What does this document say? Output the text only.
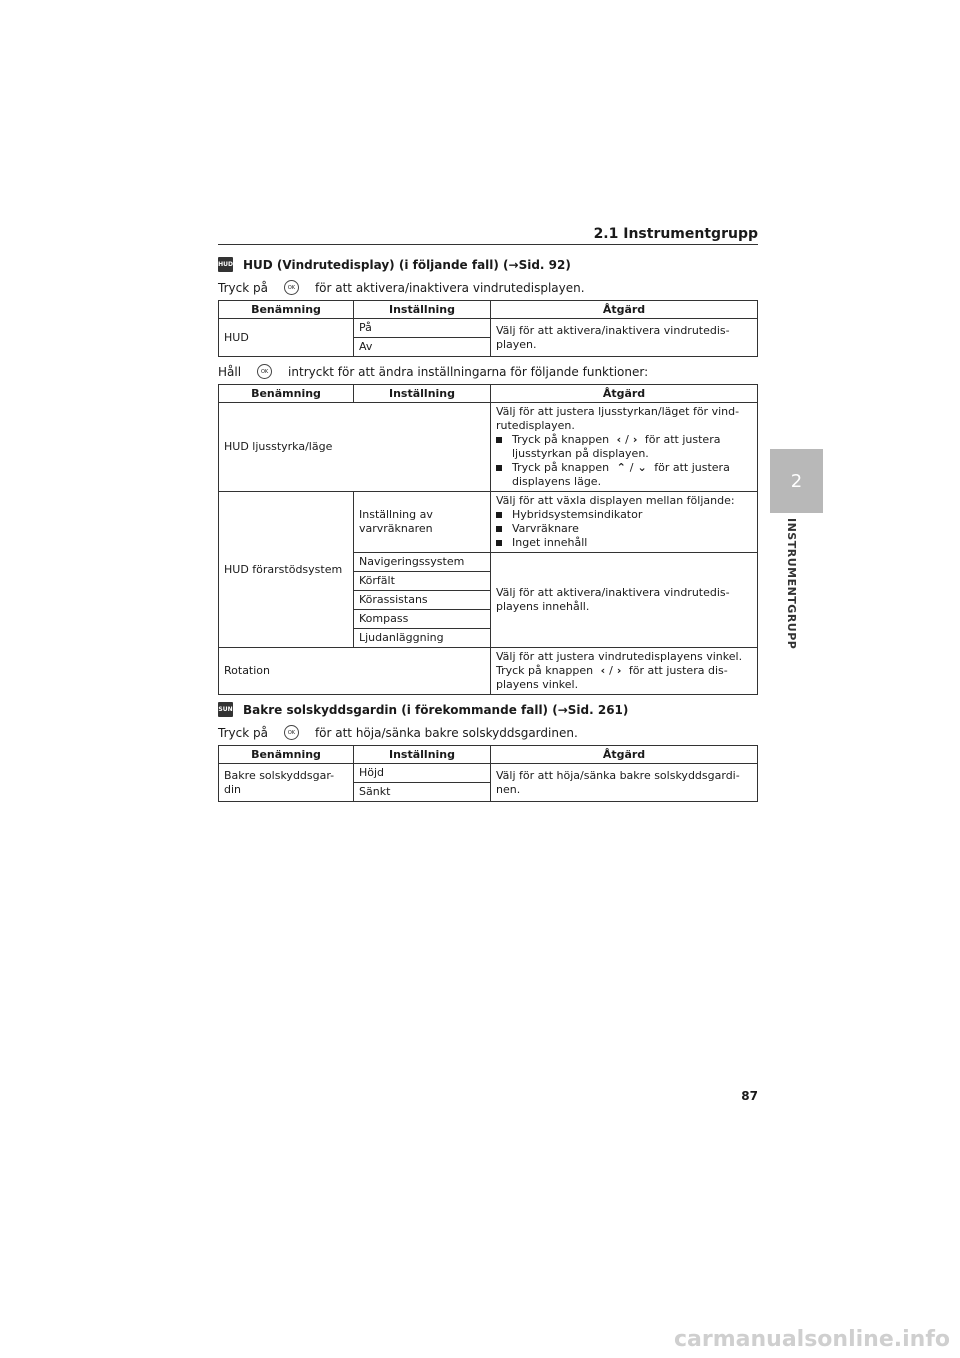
2.1 Instrumentgrupp
2
INSTRUMENTGRUPP
HUD HUD (Vindrutedisplay) (i följande fall) (→Sid. 92)
Tryck på	OK	för att aktivera/inaktivera vindrutedisplayen.
Benämning	Inställning	Åtgärd
HUD	På	Välj för att aktivera/inaktivera vindrutedis-playen.
	Av	
Håll	OK	intryckt för att ändra inställningarna för följande funktioner:
Benämning	Inställning	Åtgärd
HUD ljusstyrka/läge		Välj för att justera ljusstyrkan/läget för vind-rutedisplayen.
Tryck på knappen ‹ / › för att justera ljusstyrkan på displayen.
Tryck på knappen ⌃ / ⌄ för att justera displayens läge.

HUD förarstödsystem	Inställning av varvräknaren	Välj för att växla displayen mellan följande:
Hybridsystemsindikator
Varvräknare
Inget innehåll

	Navigeringssystem	Välj för att aktivera/inaktivera vindrutedis-playens innehåll.
	Körfält	
	Körassistans	
	Kompass	
	Ljudanläggning	
Rotation		Välj för att justera vindrutedisplayens vinkel. Tryck på knappen ‹ / › för att justera dis-playens vinkel.
SUN Bakre solskyddsgardin (i förekommande fall) (→Sid. 261)
Tryck på	OK	för att höja/sänka bakre solskyddsgardinen.
Benämning	Inställning	Åtgärd
Bakre solskyddsgar-din	Höjd	Välj för att höja/sänka bakre solskyddsgardi-nen.
	Sänkt	
87
carmanualsonline.info
